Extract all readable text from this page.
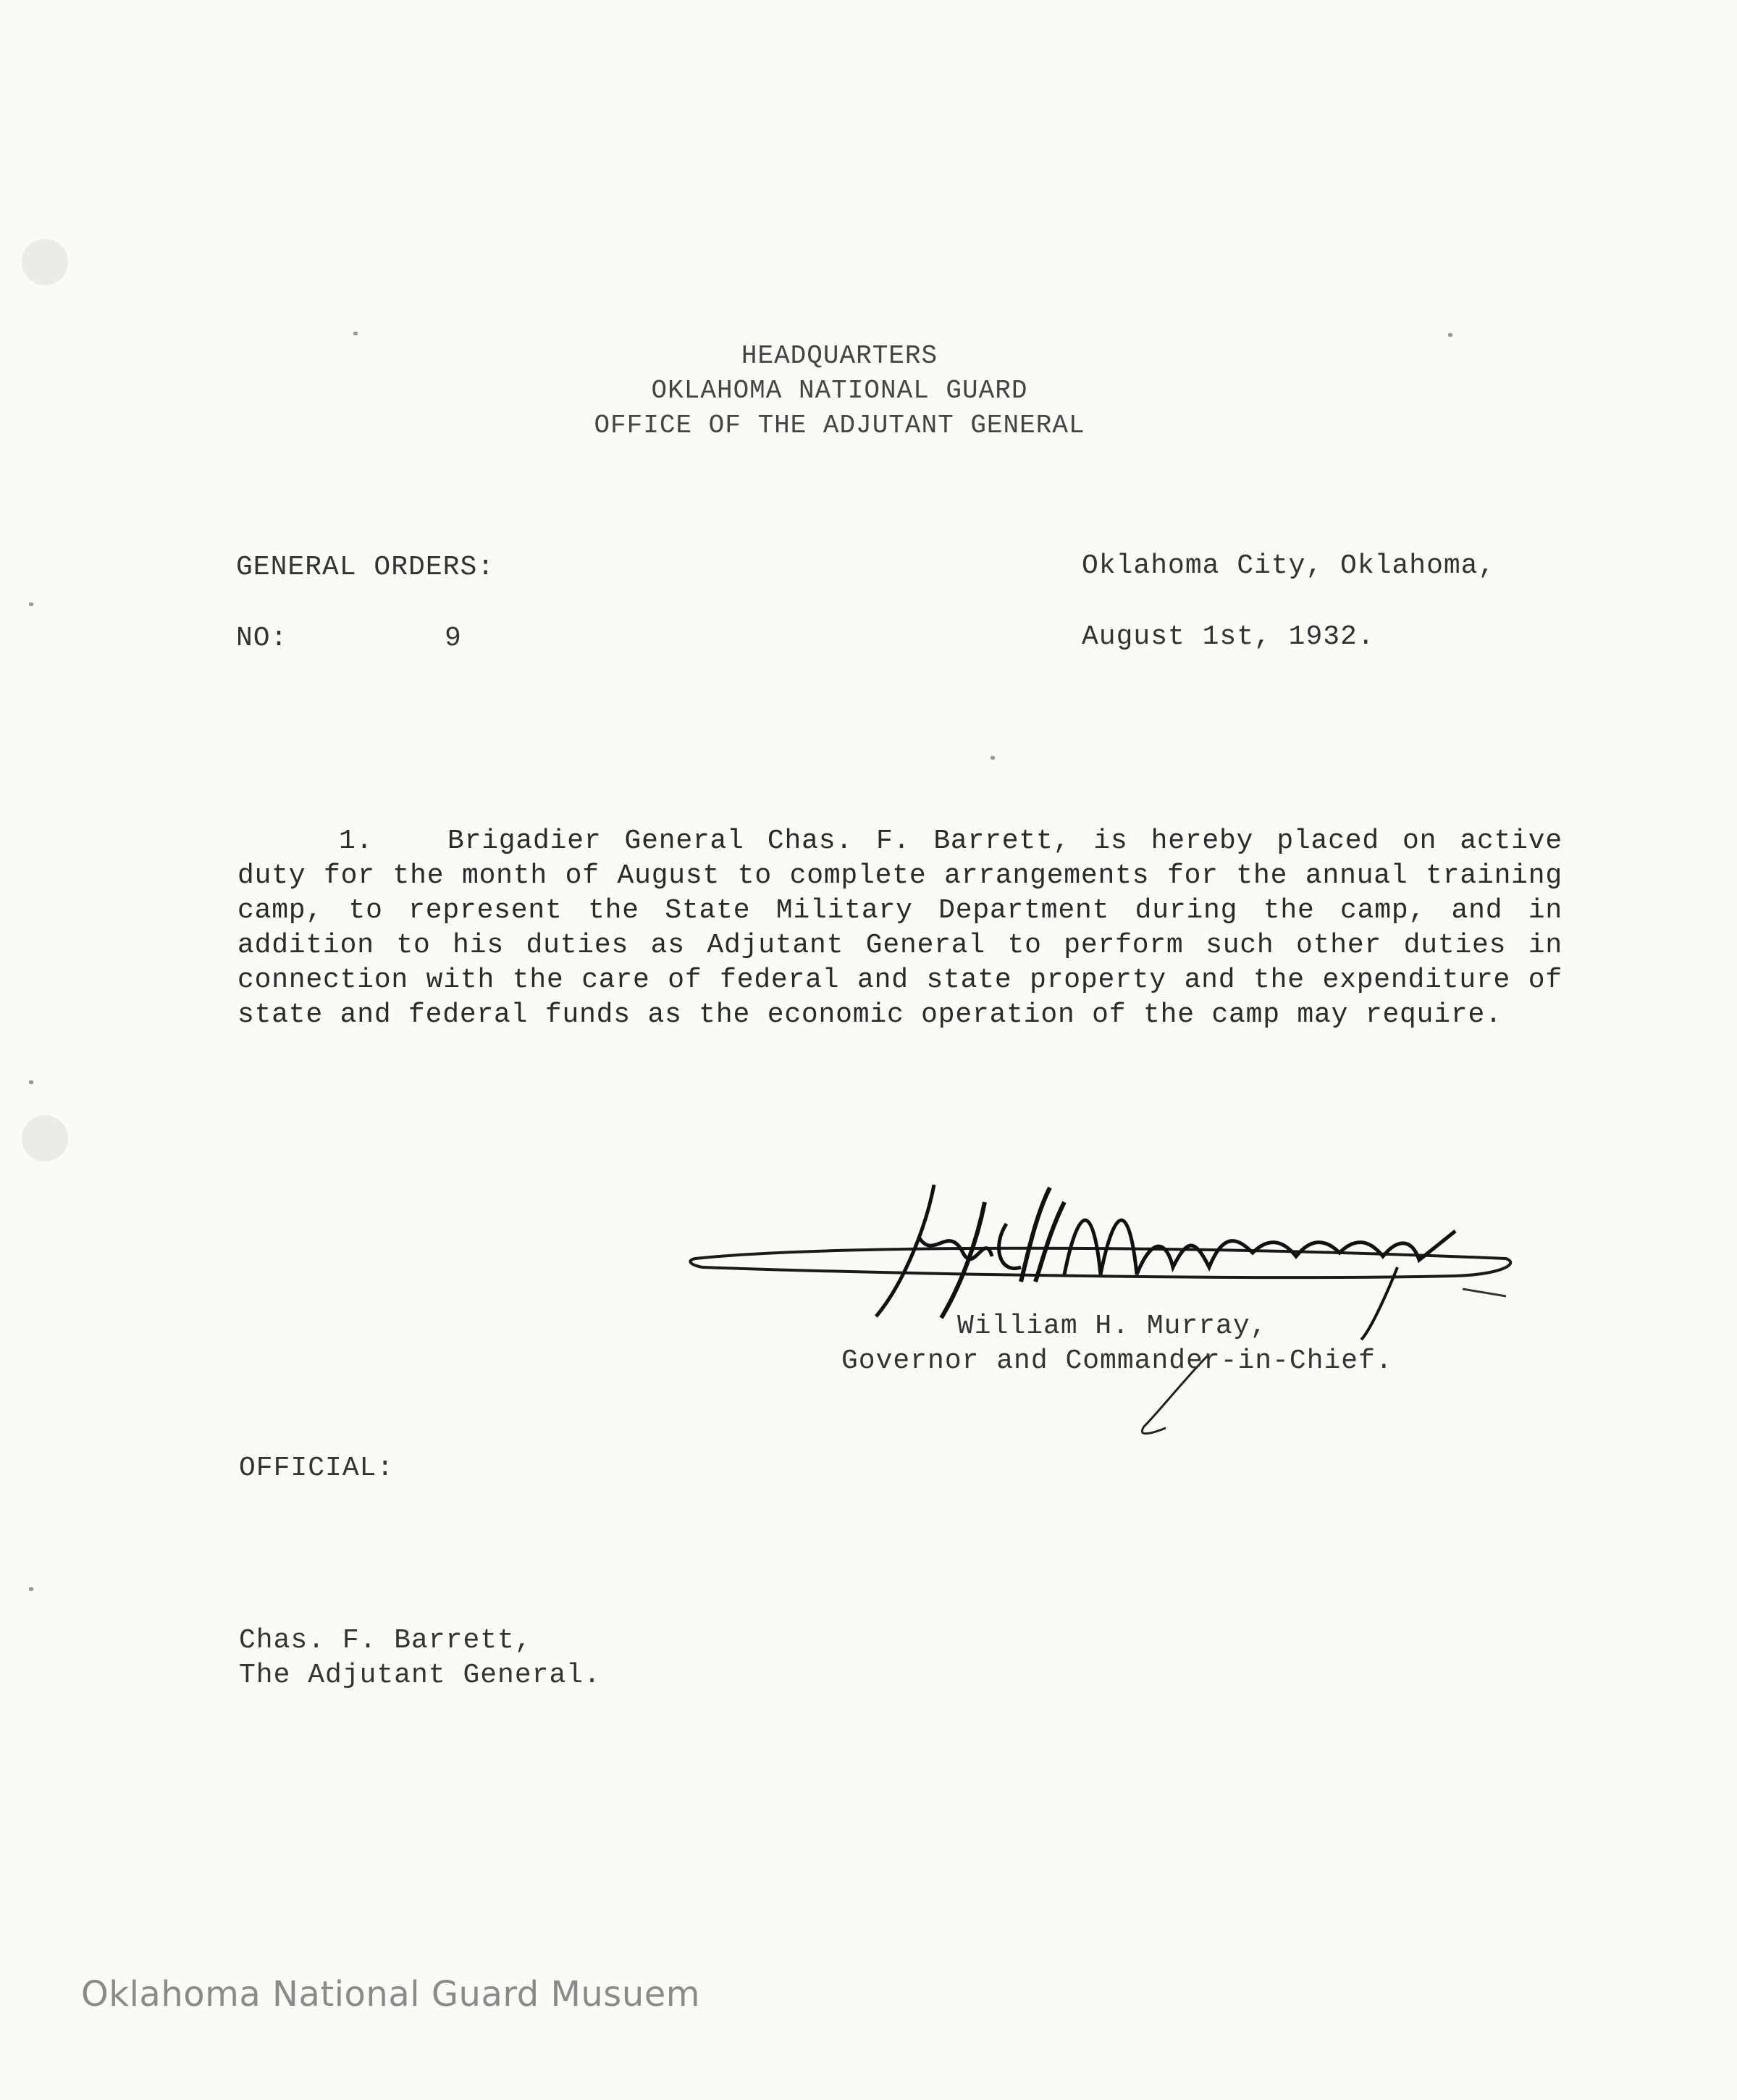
HEADQUARTERS
OKLAHOMA NATIONAL GUARD
OFFICE OF THE ADJUTANT GENERAL
GENERAL ORDERS:
NO:	9
Oklahoma City, Oklahoma,
August 1st, 1932.
1.	Brigadier General Chas. F. Barrett, is hereby placed on active duty for the month of August to complete arrangements for the annual training camp, to represent the State Military Department during the camp, and in addition to his duties as Adjutant General to perform such other duties in connection with the care of federal and state property and the expenditure of state and federal funds as the economic operation of the camp may require.
Wm H. Murray
William H. Murray,
Governor and Commander-in-Chief.
OFFICIAL:
Chas. F. Barrett,
The Adjutant General.
Oklahoma National Guard Musuem
